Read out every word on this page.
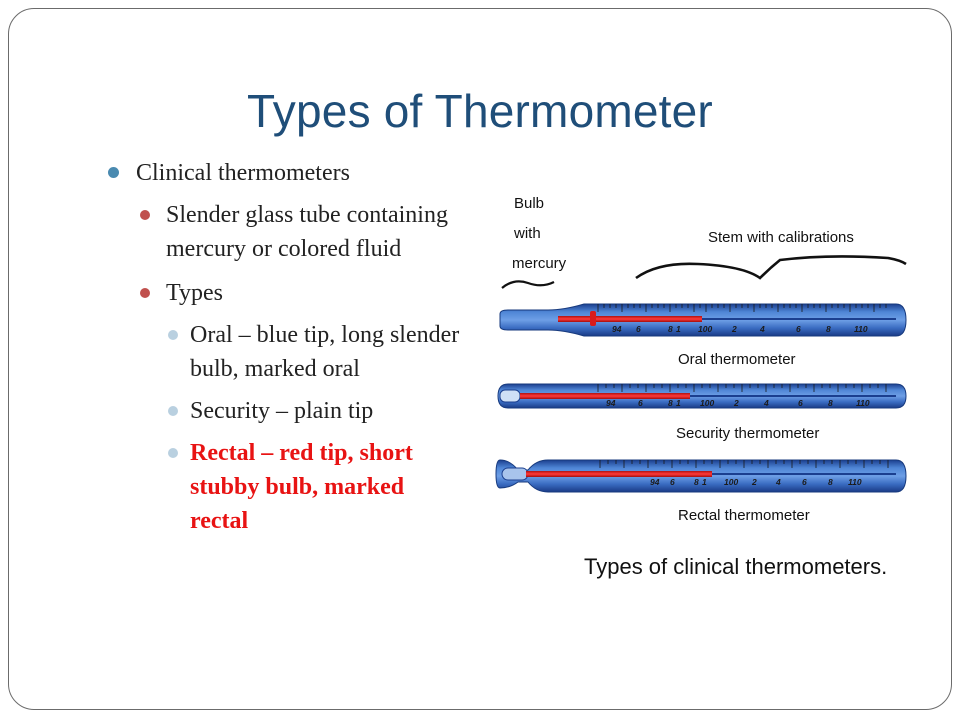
Types of Thermometer
Clinical thermometers
Slender glass tube containing mercury or colored fluid
Types
Oral – blue tip, long slender bulb, marked oral
Security – plain tip
Rectal – red tip, short stubby bulb, marked rectal
Bulb
with
mercury
Stem with calibrations
94 6	8 1 100 2	4	6	8	110
Oral thermometer
94	6	8 1 100 2	4	6	8	110
Security thermometer
94 6 8 1 100 2 4	6	8 110
Rectal thermometer
Types of clinical thermometers.
